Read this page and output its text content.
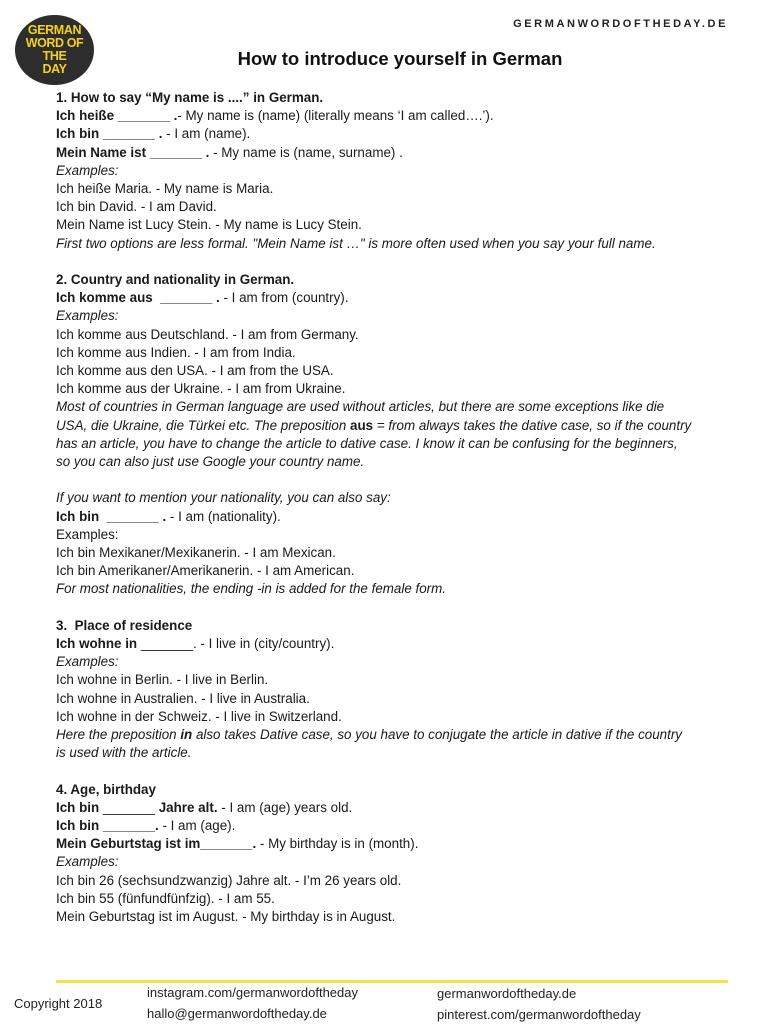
GERMAN
WORD OF THE
DAY
GERMANWORDOFTHEDAY.DE
How to introduce yourself in German

1. How to say “My name is ....” in German.

Ich heiße _______ .- My name is (name) (literally means ‘I am called….’).

Ich bin _______ . - I am (name).

Mein Name ist _______ . - My name is (name, surname) .

Examples:

Ich heiße Maria. - My name is Maria.

Ich bin David. - I am David.

Mein Name ist Lucy Stein. - My name is Lucy Stein.

First two options are less formal. "Mein Name ist …" is more often used when you say your full name.

2. Country and nationality in German.

Ich komme aus  _______ . - I am from (country).

Examples:

Ich komme aus Deutschland. - I am from Germany.

Ich komme aus Indien. - I am from India.

Ich komme aus den USA. - I am from the USA.

Ich komme aus der Ukraine. - I am from Ukraine.

Most of countries in German language are used without articles, but there are some exceptions like die

USA, die Ukraine, die Türkei etc. The preposition aus = from always takes the dative case, so if the country

has an article, you have to change the article to dative case. I know it can be confusing for the beginners,

so you can also just use Google your country name.

If you want to mention your nationality, you can also say:

Ich bin  _______ . - I am (nationality).

Examples:

Ich bin Mexikaner/Mexikanerin. - I am Mexican.

Ich bin Amerikaner/Amerikanerin. - I am American.

For most nationalities, the ending -in is added for the female form.

3.  Place of residence

Ich wohne in _______. - I live in (city/country).

Examples:

Ich wohne in Berlin. - I live in Berlin.

Ich wohne in Australien. - I live in Australia.

Ich wohne in der Schweiz. - I live in Switzerland.

Here the preposition in also takes Dative case, so you have to conjugate the article in dative if the country

is used with the article.

4. Age, birthday

Ich bin _______ Jahre alt. - I am (age) years old.

Ich bin _______. - I am (age).

Mein Geburtstag ist im_______. - My birthday is in (month).

Examples:

Ich bin 26 (sechsundzwanzig) Jahre alt. - I’m 26 years old.

Ich bin 55 (fünfundfünfzig). - I am 55.

Mein Geburtstag ist im August. - My birthday is in August.

Copyright 2018
instagram.com/germanwordoftheday
hallo@germanwordoftheday.de
germanwordoftheday.de
pinterest.com/germanwordoftheday
